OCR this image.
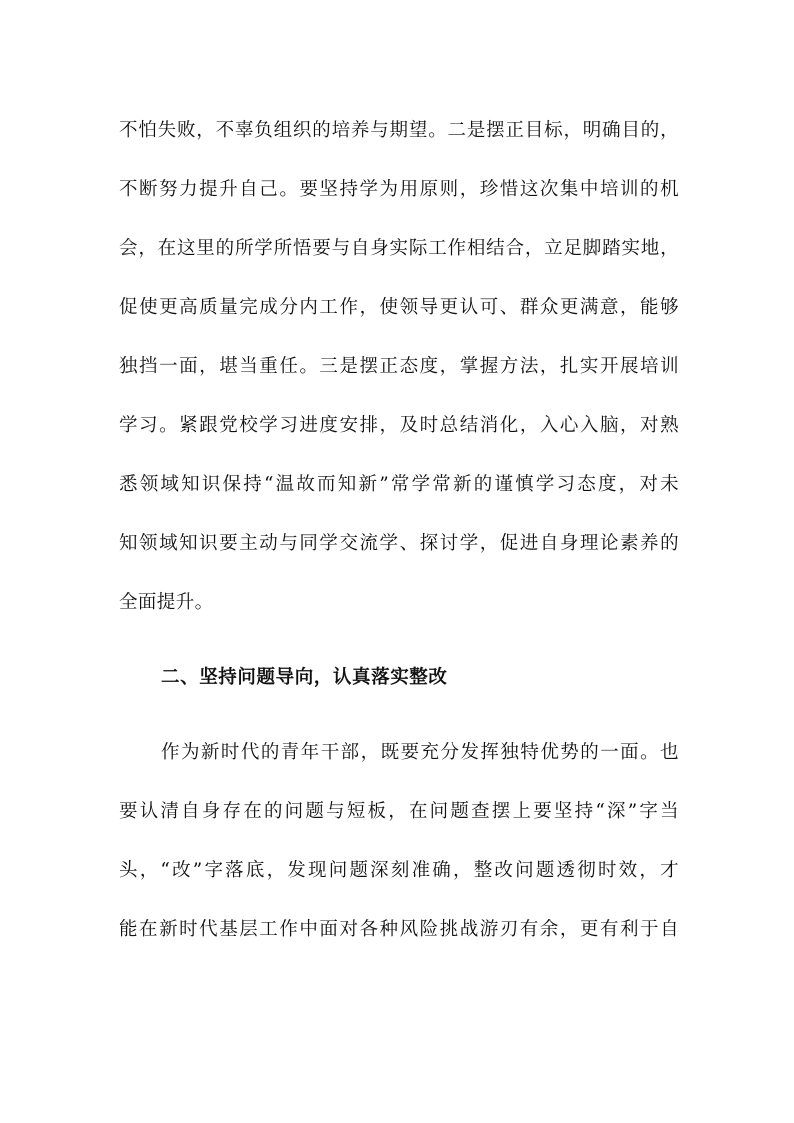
不怕失败，不辜负组织的培养与期望。二是摆正目标，明确目的，
不断努力提升自己。要坚持学为用原则，珍惜这次集中培训的机
会，在这里的所学所悟要与自身实际工作相结合，立足脚踏实地，
促使更高质量完成分内工作，使领导更认可、群众更满意，能够
独挡一面，堪当重任。三是摆正态度，掌握方法，扎实开展培训
学习。紧跟党校学习进度安排，及时总结消化，入心入脑，对熟
悉领域知识保持“温故而知新”常学常新的谨慎学习态度，对未
知领域知识要主动与同学交流学、探讨学，促进自身理论素养的
全面提升。
二、坚持问题导向，认真落实整改
作为新时代的青年干部，既要充分发挥独特优势的一面。也
要认清自身存在的问题与短板，在问题查摆上要坚持“深”字当
头，“改”字落底，发现问题深刻准确，整改问题透彻时效，才
能在新时代基层工作中面对各种风险挑战游刃有余，更有利于自
